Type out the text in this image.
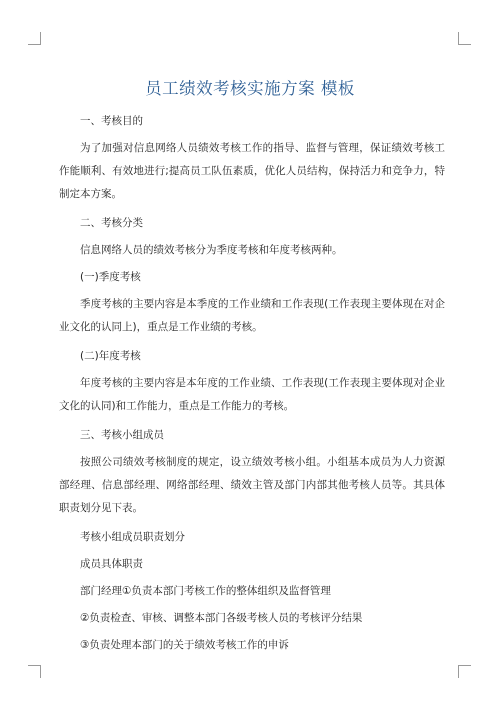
员工绩效考核实施方案 模板

一、考核目的

为了加强对信息网络人员绩效考核工作的指导、监督与管理，保证绩效考核工作能顺利、有效地进行;提高员工队伍素质，优化人员结构，保持活力和竞争力，特制定本方案。

二、考核分类

信息网络人员的绩效考核分为季度考核和年度考核两种。

(一)季度考核

季度考核的主要内容是本季度的工作业绩和工作表现(工作表现主要体现在对企业文化的认同上)，重点是工作业绩的考核。

(二)年度考核

年度考核的主要内容是本年度的工作业绩、工作表现(工作表现主要体现对企业文化的认同)和工作能力，重点是工作能力的考核。

三、考核小组成员

按照公司绩效考核制度的规定，设立绩效考核小组。小组基本成员为人力资源部经理、信息部经理、网络部经理、绩效主管及部门内部其他考核人员等。其具体职责划分见下表。

考核小组成员职责划分

成员具体职责

部门经理①负责本部门考核工作的整体组织及监督管理

②负责检查、审核、调整本部门各级考核人员的考核评分结果

③负责处理本部门的关于绩效考核工作的申诉
